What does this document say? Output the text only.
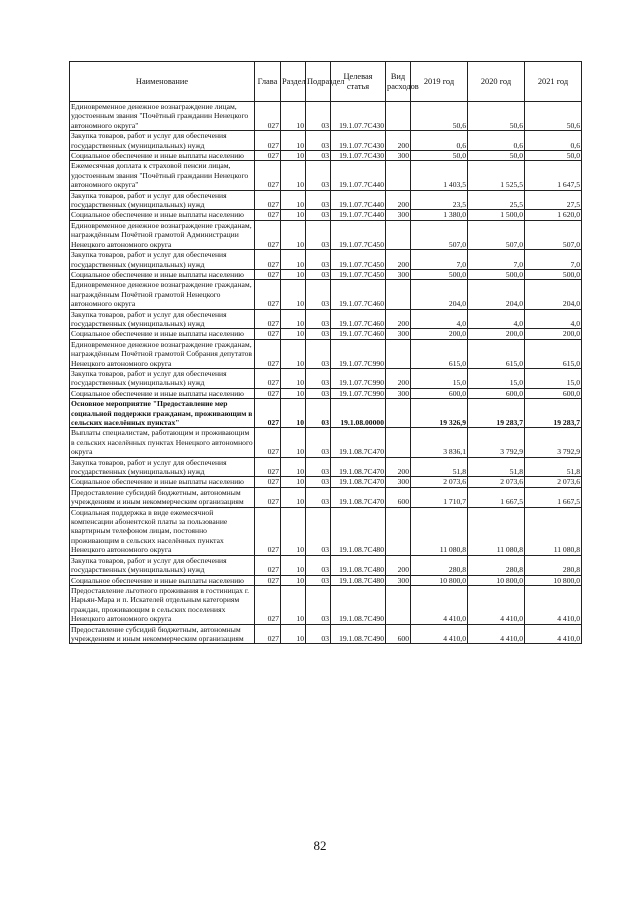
Наименование	Глава	Раздел	Подраздел	Целевая статья	Вид расходов	2019 год	2020 год	2021 год
Единовременное денежное вознаграждение лицам, удостоенным звания "Почётный гражданин Ненецкого автономного округа"	027	10	03	19.1.07.7С430		50,6	50,6	50,6
Закупка товаров, работ и услуг для обеспечения государственных (муниципальных) нужд	027	10	03	19.1.07.7С430	200	0,6	0,6	0,6
Социальное обеспечение и иные выплаты населению	027	10	03	19.1.07.7С430	300	50,0	50,0	50,0
Ежемесячная доплата к страховой пенсии лицам, удостоенным звания "Почётный граждании Ненецкого автономного округа"	027	10	03	19.1.07.7С440		1 403,5	1 525,5	1 647,5
Закупка товаров, работ и услуг для обеспечения государственных (муниципальных) нужд	027	10	03	19.1.07.7С440	200	23,5	25,5	27,5
Социальное обеспечение и иные выплаты населению	027	10	03	19.1.07.7С440	300	1 380,0	1 500,0	1 620,0
Единовременное денежное вознаграждение гражданам, награждённым Почётной грамотой Администрации Ненецкого автономного округа	027	10	03	19.1.07.7С450		507,0	507,0	507,0
Закупка товаров, работ и услуг для обеспечения государственных (муниципальных) нужд	027	10	03	19.1.07.7С450	200	7,0	7,0	7,0
Социальное обеспечение и иные выплаты населению	027	10	03	19.1.07.7С450	300	500,0	500,0	500,0
Единовременное денежное вознаграждение гражданам, награждённым Почётной грамотой Ненецкого автономного округа	027	10	03	19.1.07.7С460		204,0	204,0	204,0
Закупка товаров, работ и услуг для обеспечения государственных (муниципальных) нужд	027	10	03	19.1.07.7С460	200	4,0	4,0	4,0
Социальное обеспечение и иные выплаты населению	027	10	03	19.1.07.7С460	300	200,0	200,0	200,0
Единовременное денежное вознаграждение гражданам, награждённым Почётной грамотой Собрания депутатов Ненецкого автономного округа	027	10	03	19.1.07.7С990		615,0	615,0	615,0
Закупка товаров, работ и услуг для обеспечения государственных (муниципальных) нужд	027	10	03	19.1.07.7С990	200	15,0	15,0	15,0
Социальное обеспечение и иные выплаты населению	027	10	03	19.1.07.7С990	300	600,0	600,0	600,0
Основное мероприятие "Предоставление мер социальной поддержки гражданам, проживающим в сельских населённых пунктах"	027	10	03	19.1.08.00000		19 326,9	19 283,7	19 283,7
Выплаты специалистам, работающим и проживающим в сельских населённых пунктах Ненецкого автономного округа	027	10	03	19.1.08.7С470		3 836,1	3 792,9	3 792,9
Закупка товаров, работ и услуг для обеспечения государственных (муниципальных) нужд	027	10	03	19.1.08.7С470	200	51,8	51,8	51,8
Социальное обеспечение и иные выплаты населению	027	10	03	19.1.08.7С470	300	2 073,6	2 073,6	2 073,6
Предоставление субсидий бюджетным, автономным учреждениям и иным некоммерческим организациям	027	10	03	19.1.08.7С470	600	1 710,7	1 667,5	1 667,5
Социальная поддержка в виде ежемесячной компенсации абонентской платы за пользование квартирным телефоном лицам, постоянно проживающим в сельских населённых пунктах Ненецкого автономного округа	027	10	03	19.1.08.7С480		11 080,8	11 080,8	11 080,8
Закупка товаров, работ и услуг для обеспечения государственных (муниципальных) нужд	027	10	03	19.1.08.7С480	200	280,8	280,8	280,8
Социальное обеспечение и иные выплаты населению	027	10	03	19.1.08.7С480	300	10 800,0	10 800,0	10 800,0
Предоставление льготного проживания в гостиницах г. Нарьян-Мара и п. Искателей отдельным категориям граждан, проживающим в сельских поселениях Ненецкого автономного округа	027	10	03	19.1.08.7С490		4 410,0	4 410,0	4 410,0
Предоставление субсидий бюджетным, автономным учреждениям и иным некоммерческим организациям	027	10	03	19.1.08.7С490	600	4 410,0	4 410,0	4 410,0
82
